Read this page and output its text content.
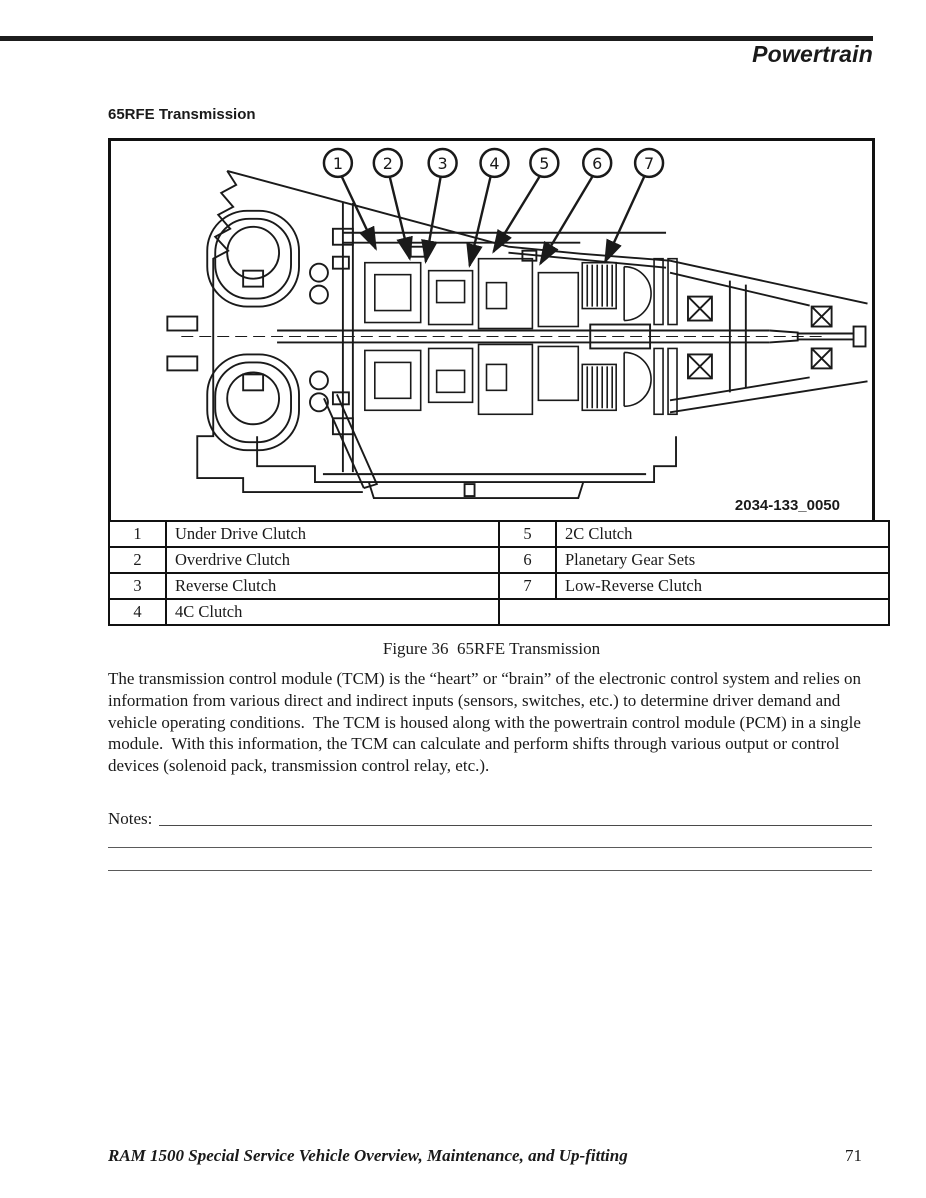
Powertrain
65RFE Transmission
1 2	3	4 5	6	7
2034-133_0050
1	Under Drive Clutch	5	2C Clutch
2	Overdrive Clutch	6	Planetary Gear Sets
3	Reverse Clutch	7	Low-Reverse Clutch
4	4C Clutch		
Figure 36  65RFE Transmission
The transmission control module (TCM) is the “heart” or “brain” of the electronic control system and relies on information from various direct and indirect inputs (sensors, switches, etc.) to determine driver demand and vehicle operating conditions.  The TCM is housed along with the powertrain control module (PCM) in a single module.  With this information, the TCM can calculate and perform shifts through various output or control devices (solenoid pack, transmission control relay, etc.).
Notes:
RAM 1500 Special Service Vehicle Overview, Maintenance, and Up-fitting	71
